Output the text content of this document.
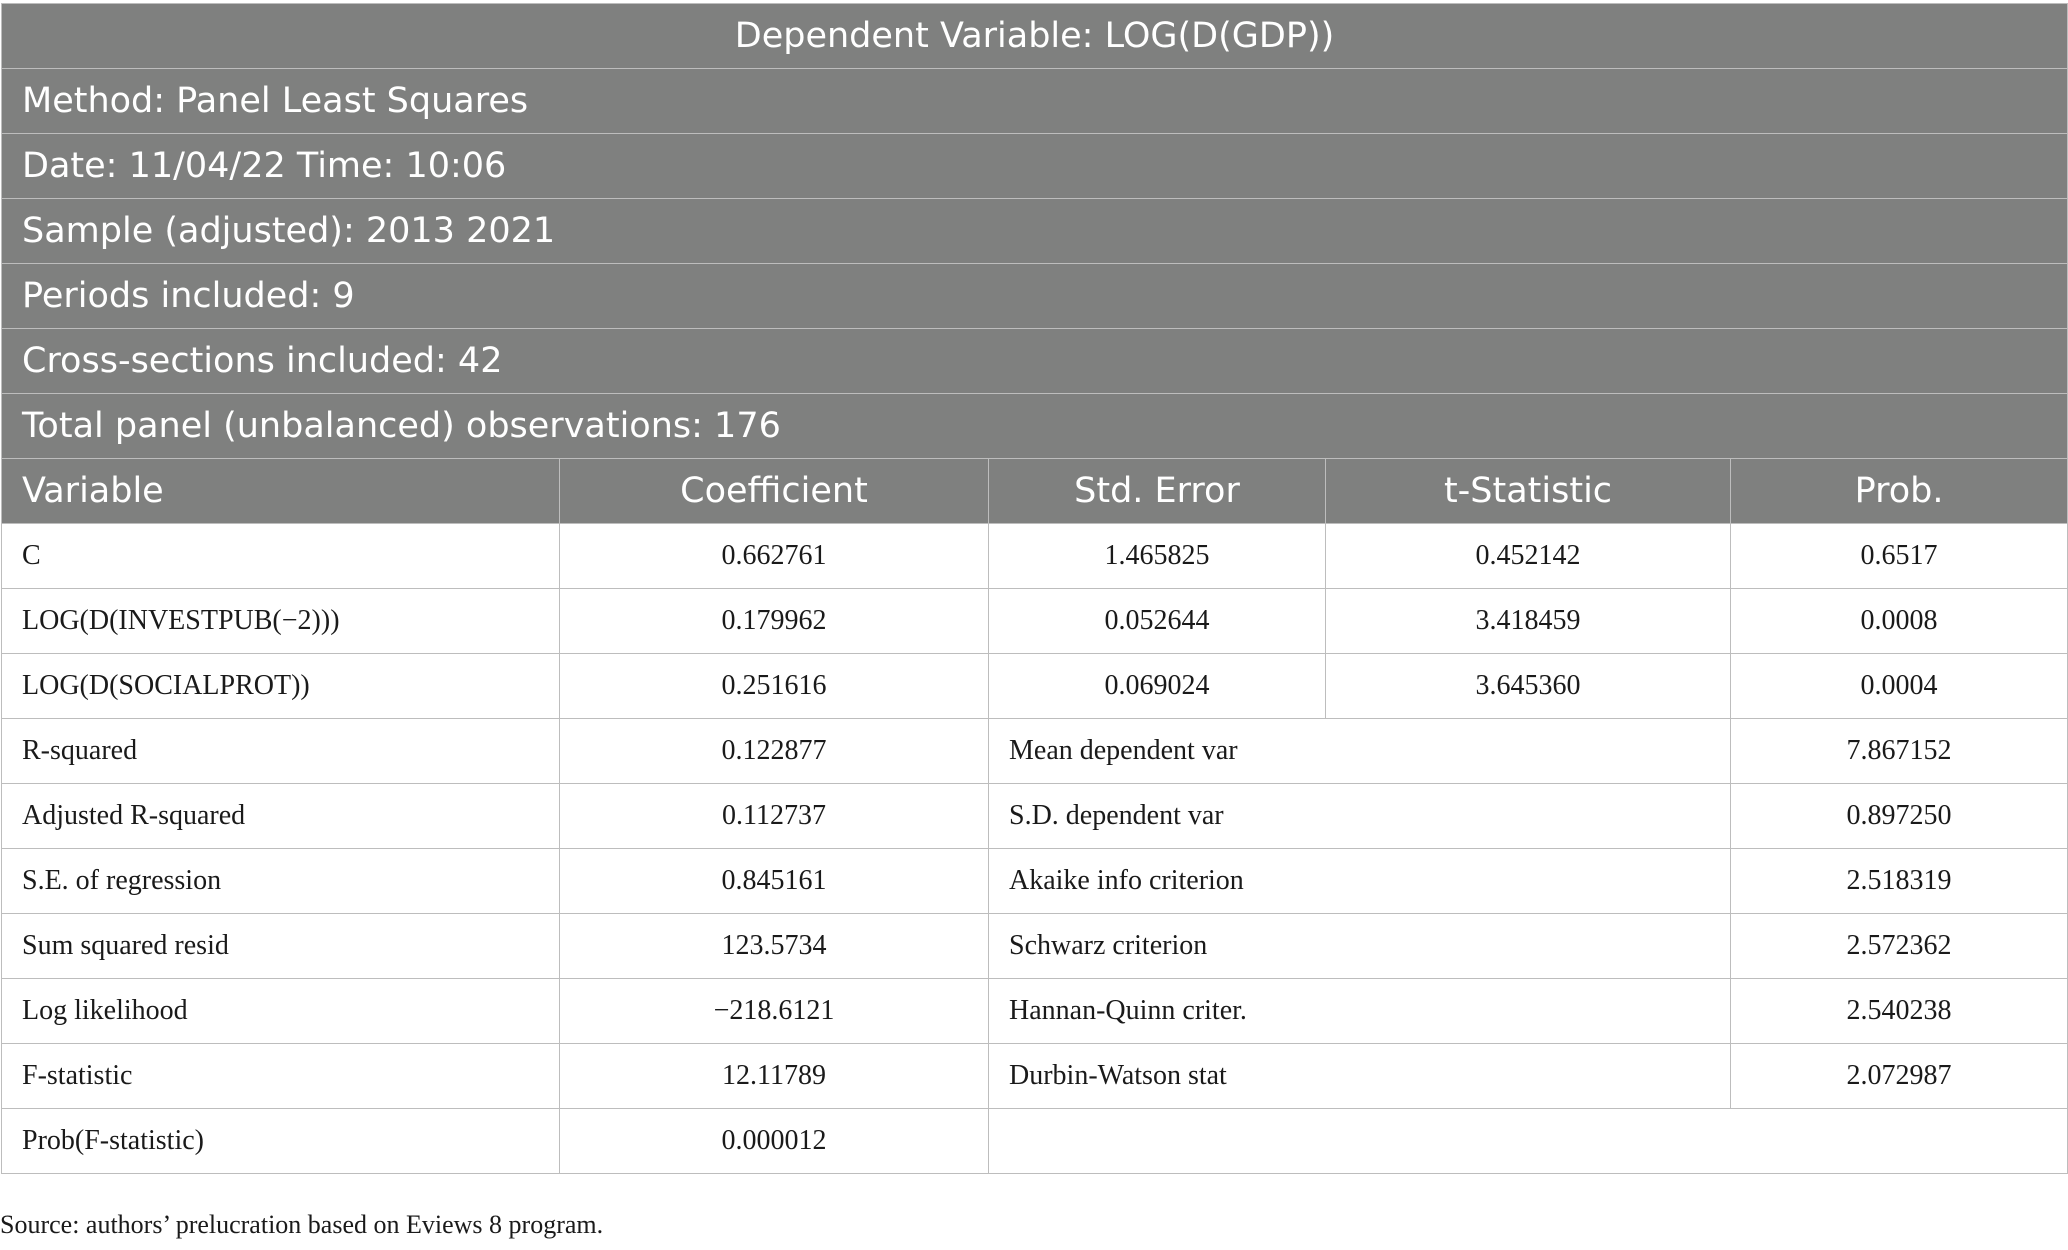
Dependent Variable: LOG(D(GDP))				
Method: Panel Least Squares				
Date: 11/04/22 Time: 10:06				
Sample (adjusted): 2013 2021				
Periods included: 9				
Cross-sections included: 42				
Total panel (unbalanced) observations: 176				
Variable	Coefficient	Std. Error	t-Statistic	Prob.
C	0.662761	1.465825	0.452142	0.6517
LOG(D(INVESTPUB(−2)))	0.179962	0.052644	3.418459	0.0008
LOG(D(SOCIALPROT))	0.251616	0.069024	3.645360	0.0004
R-squared	0.122877	Mean dependent var		7.867152
Adjusted R-squared	0.112737	S.D. dependent var		0.897250
S.E. of regression	0.845161	Akaike info criterion		2.518319
Sum squared resid	123.5734	Schwarz criterion		2.572362
Log likelihood	−218.6121	Hannan-Quinn criter.		2.540238
F-statistic	12.11789	Durbin-Watson stat		2.072987
Prob(F-statistic)	0.000012			
Source: authors’ prelucration based on Eviews 8 program.
